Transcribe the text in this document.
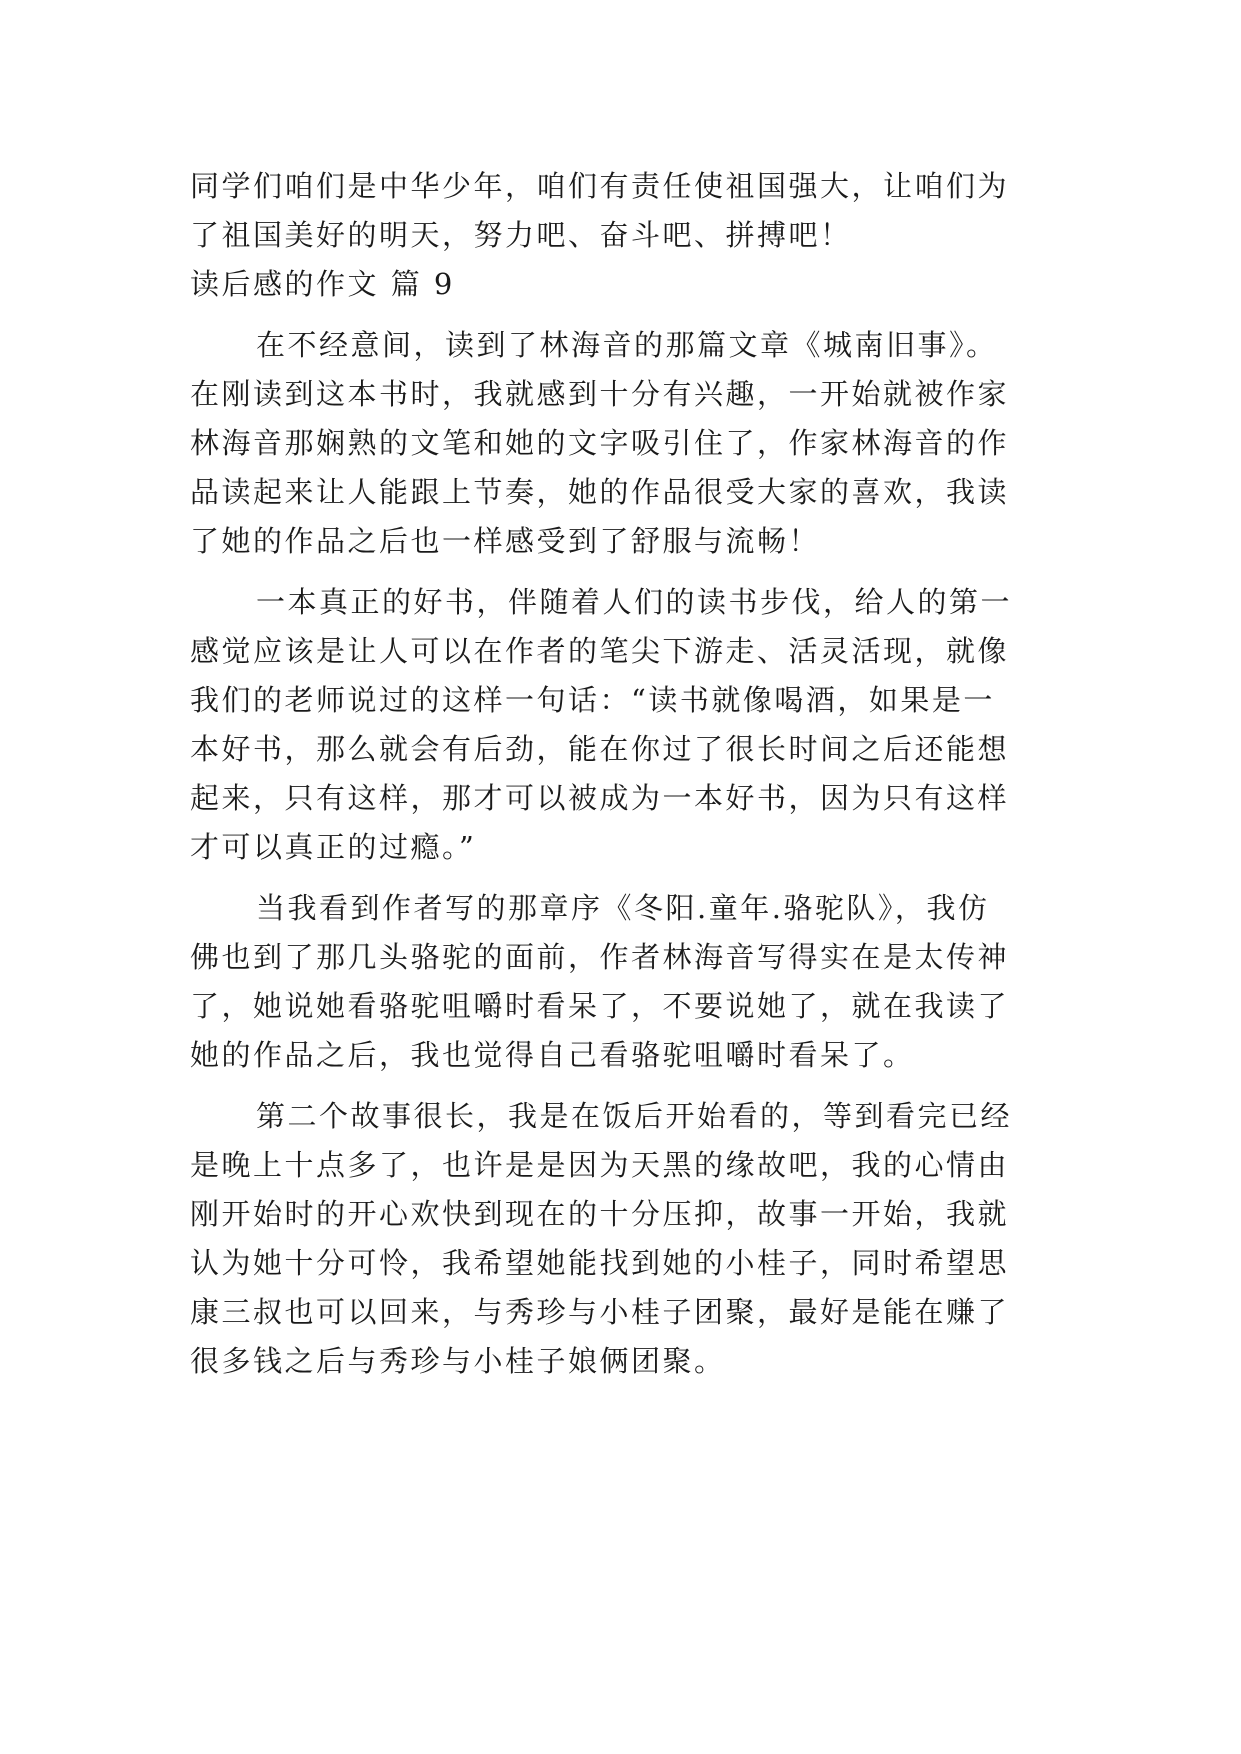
同学们咱们是中华少年，咱们有责任使祖国强大，让咱们为

了祖国美好的明天，努力吧、奋斗吧、拼搏吧！

读后感的作文 篇 9

在不经意间，读到了林海音的那篇文章《城南旧事》。

在刚读到这本书时，我就感到十分有兴趣，一开始就被作家

林海音那娴熟的文笔和她的文字吸引住了，作家林海音的作

品读起来让人能跟上节奏，她的作品很受大家的喜欢，我读

了她的作品之后也一样感受到了舒服与流畅！

一本真正的好书，伴随着人们的读书步伐，给人的第一

感觉应该是让人可以在作者的笔尖下游走、活灵活现，就像

我们的老师说过的这样一句话：“读书就像喝酒，如果是一

本好书，那么就会有后劲，能在你过了很长时间之后还能想

起来，只有这样，那才可以被成为一本好书，因为只有这样

才可以真正的过瘾。”

当我看到作者写的那章序《冬阳.童年.骆驼队》，我仿

佛也到了那几头骆驼的面前，作者林海音写得实在是太传神

了，她说她看骆驼咀嚼时看呆了，不要说她了，就在我读了

她的作品之后，我也觉得自己看骆驼咀嚼时看呆了。

第二个故事很长，我是在饭后开始看的，等到看完已经

是晚上十点多了，也许是是因为天黑的缘故吧，我的心情由

刚开始时的开心欢快到现在的十分压抑，故事一开始，我就

认为她十分可怜，我希望她能找到她的小桂子，同时希望思

康三叔也可以回来，与秀珍与小桂子团聚，最好是能在赚了

很多钱之后与秀珍与小桂子娘俩团聚。
